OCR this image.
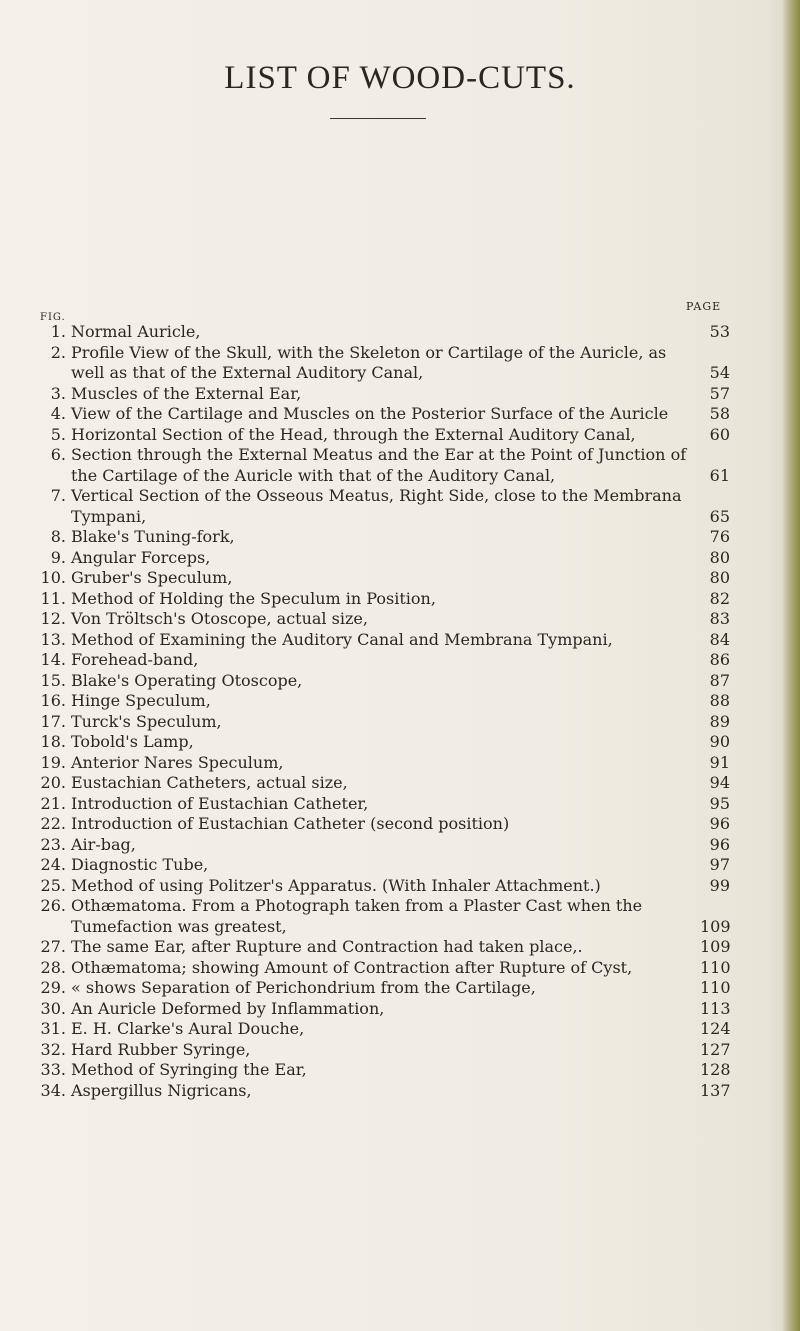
LIST OF WOOD-CUTS.
PAGE
FIG.
1. Normal Auricle,	53
2. Profile View of the Skull, with the Skeleton or Cartilage of the Auricle, as well as that of the External Auditory Canal,	54
3. Muscles of the External Ear,	57
4. View of the Cartilage and Muscles on the Posterior Surface of the Auricle	58
5. Horizontal Section of the Head, through the External Auditory Canal,	60
6. Section through the External Meatus and the Ear at the Point of Junction of the Cartilage of the Auricle with that of the Auditory Canal,	61
7. Vertical Section of the Osseous Meatus, Right Side, close to the Membrana Tympani,	65
8. Blake's Tuning-fork,	76
9. Angular Forceps,	80
10. Gruber's Speculum,	80
11. Method of Holding the Speculum in Position,	82
12. Von Tröltsch's Otoscope, actual size,	83
13. Method of Examining the Auditory Canal and Membrana Tympani,	84
14. Forehead-band,	86
15. Blake's Operating Otoscope,	87
16. Hinge Speculum,	88
17. Turck's Speculum,	89
18. Tobold's Lamp,	90
19. Anterior Nares Speculum,	91
20. Eustachian Catheters, actual size,	94
21. Introduction of Eustachian Catheter,	95
22. Introduction of Eustachian Catheter (second position)	96
23. Air-bag,	96
24. Diagnostic Tube,	97
25. Method of using Politzer's Apparatus. (With Inhaler Attachment.)	99
26. Othæmatoma. From a Photograph taken from a Plaster Cast when the Tumefaction was greatest,	109
27. The same Ear, after Rupture and Contraction had taken place,.	109
28. Othæmatoma; showing Amount of Contraction after Rupture of Cyst,	110
29. « shows Separation of Perichondrium from the Cartilage,	110
30. An Auricle Deformed by Inflammation,	113
31. E. H. Clarke's Aural Douche,	124
32. Hard Rubber Syringe,	127
33. Method of Syringing the Ear,	128
34. Aspergillus Nigricans,	137
